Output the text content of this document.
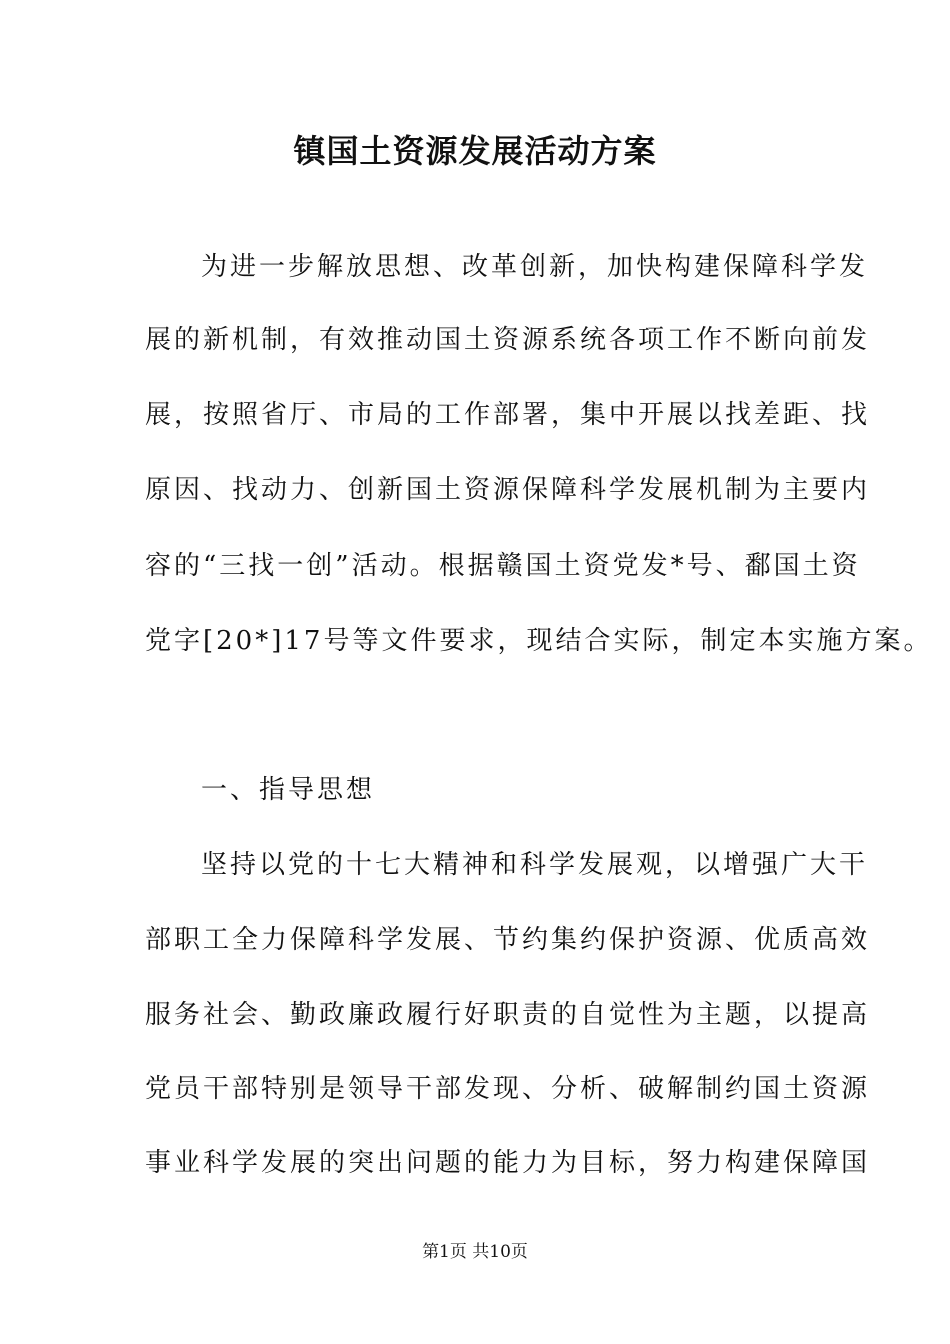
镇国土资源发展活动方案

为进一步解放思想、改革创新，加快构建保障科学发

展的新机制，有效推动国土资源系统各项工作不断向前发

展，按照省厅、市局的工作部署，集中开展以找差距、找

原因、找动力、创新国土资源保障科学发展机制为主要内

容的“三找一创”活动。根据赣国土资党发*号、鄱国土资

党字[20*]17号等文件要求，现结合实际，制定本实施方案。

一、指导思想

坚持以党的十七大精神和科学发展观，以增强广大干

部职工全力保障科学发展、节约集约保护资源、优质高效

服务社会、勤政廉政履行好职责的自觉性为主题，以提高

党员干部特别是领导干部发现、分析、破解制约国土资源

事业科学发展的突出问题的能力为目标，努力构建保障国

第1页 共10页
